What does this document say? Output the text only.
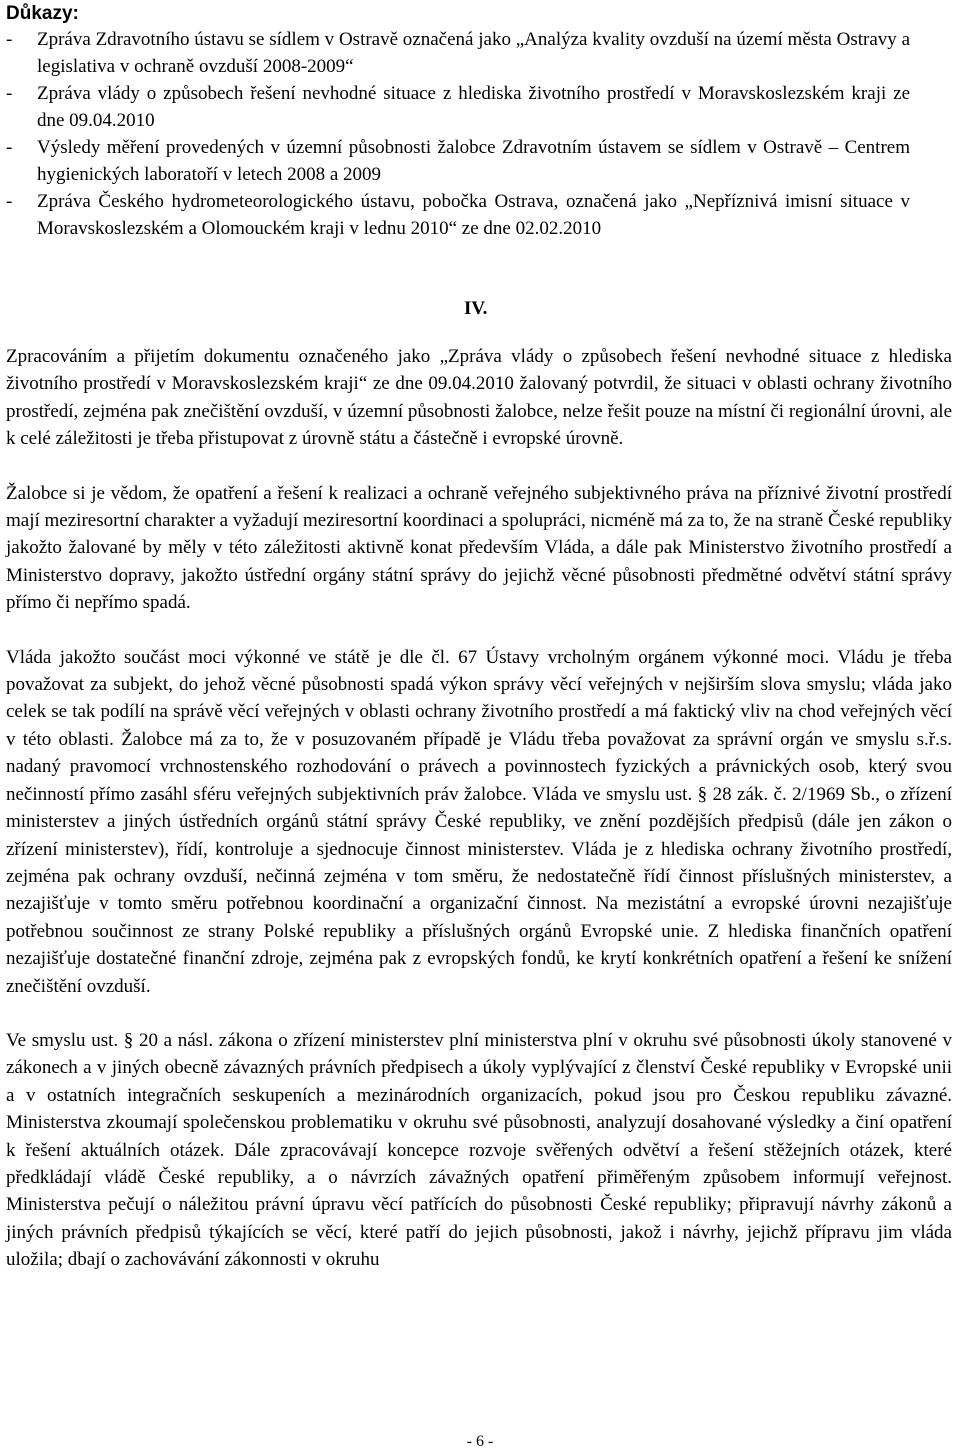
Důkazy:
- Zpráva Zdravotního ústavu se sídlem v Ostravě označená jako „Analýza kvality ovzduší na území města Ostravy a legislativa v ochraně ovzduší 2008-2009“
- Zpráva vlády o způsobech řešení nevhodné situace z hlediska životního prostředí v Moravskoslezském kraji ze dne 09.04.2010
- Výsledy měření provedených v územní působnosti žalobce Zdravotním ústavem se sídlem v Ostravě – Centrem hygienických laboratoří v letech 2008 a 2009
- Zpráva Českého hydrometeorologického ústavu, pobočka Ostrava, označená jako „Nepříznivá imisní situace v Moravskoslezském a Olomouckém kraji v lednu 2010“ ze dne 02.02.2010
IV.

Zpracováním a přijetím dokumentu označeného jako „Zpráva vlády o způsobech řešení nevhodné situace z hlediska životního prostředí v Moravskoslezském kraji“ ze dne 09.04.2010 žalovaný potvrdil, že situaci v oblasti ochrany životního prostředí, zejména pak znečištění ovzduší, v územní působnosti žalobce, nelze řešit pouze na místní či regionální úrovni, ale k celé záležitosti je třeba přistupovat z úrovně státu a částečně i evropské úrovně.

Žalobce si je vědom, že opatření a řešení k realizaci a ochraně veřejného subjektivného práva na příznivé životní prostředí mají meziresortní charakter a vyžadují meziresortní koordinaci a spolupráci, nicméně má za to, že na straně České republiky jakožto žalované by měly v této záležitosti aktivně konat především Vláda, a dále pak Ministerstvo životního prostředí a Ministerstvo dopravy, jakožto ústřední orgány státní správy do jejichž věcné působnosti předmětné odvětví státní správy přímo či nepřímo spadá.

Vláda jakožto součást moci výkonné ve státě je dle čl. 67 Ústavy vrcholným orgánem výkonné moci. Vládu je třeba považovat za subjekt, do jehož věcné působnosti spadá výkon správy věcí veřejných v nejširším slova smyslu; vláda jako celek se tak podílí na správě věcí veřejných v oblasti ochrany životního prostředí a má faktický vliv na chod veřejných věcí v této oblasti. Žalobce má za to, že v posuzovaném případě je Vládu třeba považovat za správní orgán ve smyslu s.ř.s. nadaný pravomocí vrchnostenského rozhodování o právech a povinnostech fyzických a právnických osob, který svou nečinností přímo zasáhl sféru veřejných subjektivních práv žalobce. Vláda ve smyslu ust. § 28 zák. č. 2/1969 Sb., o zřízení ministerstev a jiných ústředních orgánů státní správy České republiky, ve znění pozdějších předpisů (dále jen zákon o zřízení ministerstev), řídí, kontroluje a sjednocuje činnost ministerstev. Vláda je z hlediska ochrany životního prostředí, zejména pak ochrany ovzduší, nečinná zejména v tom směru, že nedostatečně řídí činnost příslušných ministerstev, a nezajišťuje v tomto směru potřebnou koordinační a organizační činnost. Na mezistátní a evropské úrovni nezajišťuje potřebnou součinnost ze strany Polské republiky a příslušných orgánů Evropské unie. Z hlediska finančních opatření nezajišťuje dostatečné finanční zdroje, zejména pak z evropských fondů, ke krytí konkrétních opatření a řešení ke snížení znečištění ovzduší.

Ve smyslu ust. § 20 a násl. zákona o zřízení ministerstev plní ministerstva plní v okruhu své působnosti úkoly stanovené v zákonech a v jiných obecně závazných právních předpisech a úkoly vyplývající z členství České republiky v Evropské unii a v ostatních integračních seskupeních a mezinárodních organizacích, pokud jsou pro Českou republiku závazné. Ministerstva zkoumají společenskou problematiku v okruhu své působnosti, analyzují dosahované výsledky a činí opatření k řešení aktuálních otázek. Dále zpracovávají koncepce rozvoje svěřených odvětví a řešení stěžejních otázek, které předkládají vládě České republiky, a o návrzích závažných opatření přiměřeným způsobem informují veřejnost. Ministerstva pečují o náležitou právní úpravu věcí patřících do působnosti České republiky; připravují návrhy zákonů a jiných právních předpisů týkajících se věcí, které patří do jejich působnosti, jakož i návrhy, jejichž přípravu jim vláda uložila; dbají o zachovávání zákonnosti v okruhu

- 6 -
